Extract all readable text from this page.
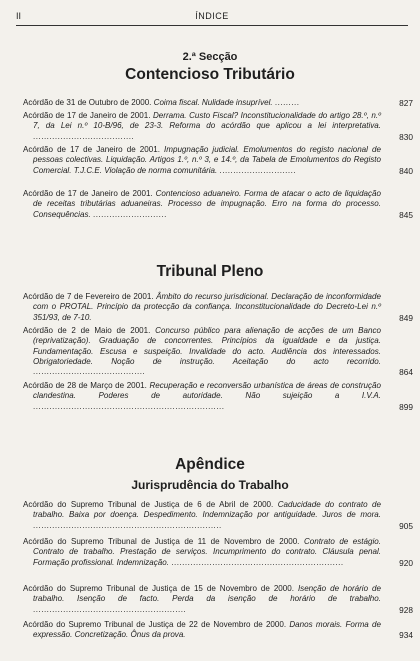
II	ÍNDICE
2.ª Secção
Contencioso Tributário
Acórdão de 31 de Outubro de 2000. Coima fiscal. Nulidade insuprível. .........	827
Acórdão de 17 de Janeiro de 2001. Derrama. Custo Fiscal? Inconstitucionalidade do artigo 28.º, n.º 7, da Lei n.º 10-B/96, de 23-3. Reforma do acórdão que aplicou a lei interpretativa. .....................................	830
Acórdão de 17 de Janeiro de 2001. Impugnação judicial. Emolumentos do registo nacional de pessoas colectivas. Liquidação. Artigos 1.º, n.º 3, e 14.º, da Tabela de Emolumentos do Registo Comercial. T.J.C.E. Violação de norma comunitária. ............................	840
Acórdão de 17 de Janeiro de 2001. Contencioso aduaneiro. Forma de atacar o acto de liquidação de receitas tributárias aduaneiras. Processo de impugnação. Erro na forma do processo. Consequências. ...........................	845
Tribunal Pleno
Acórdão de 7 de Fevereiro de 2001. Âmbito do recurso jurisdicional. Declaração de inconformidade com o PROTAL. Princípio da protecção da confiança. Inconstitucionalidade do Decreto-Lei n.º 351/93, de 7-10.	849
Acórdão de 2 de Maio de 2001. Concurso público para alienação de acções de um Banco (reprivatização). Graduação de concorrentes. Princípios da igualdade e da justiça. Fundamentação. Escusa e suspeição. Invalidade do acto. Audiência dos interessados. Obrigatoriedade. Noção de instrução. Aceitação do acto recorrido. .........................................	864
Acórdão de 28 de Março de 2001. Recuperação e reconversão urbanística de áreas de construção clandestina. Poderes de autoridade. Não sujeição a I.V.A. ......................................................................	899
Apêndice
Jurisprudência do Trabalho
Acórdão do Supremo Tribunal de Justiça de 6 de Abril de 2000. Caducidade do contrato de trabalho. Baixa por doença. Despedimento. Indemnização por antiguidade. Juros de mora. .....................................................................	905
Acórdão do Supremo Tribunal de Justiça de 11 de Novembro de 2000. Contrato de estágio. Contrato de trabalho. Prestação de serviços. Incumprimento do contrato. Cláusula penal. Formação profissional. Indemnização. ...............................................................	920
Acórdão do Supremo Tribunal de Justiça de 15 de Novembro de 2000. Isenção de horário de trabalho. Isenção de facto. Perda da isenção de horário de trabalho. ........................................................	928
Acórdão do Supremo Tribunal de Justiça de 22 de Novembro de 2000. Danos morais. Forma de expressão. Concretização. Ônus da prova.	934
